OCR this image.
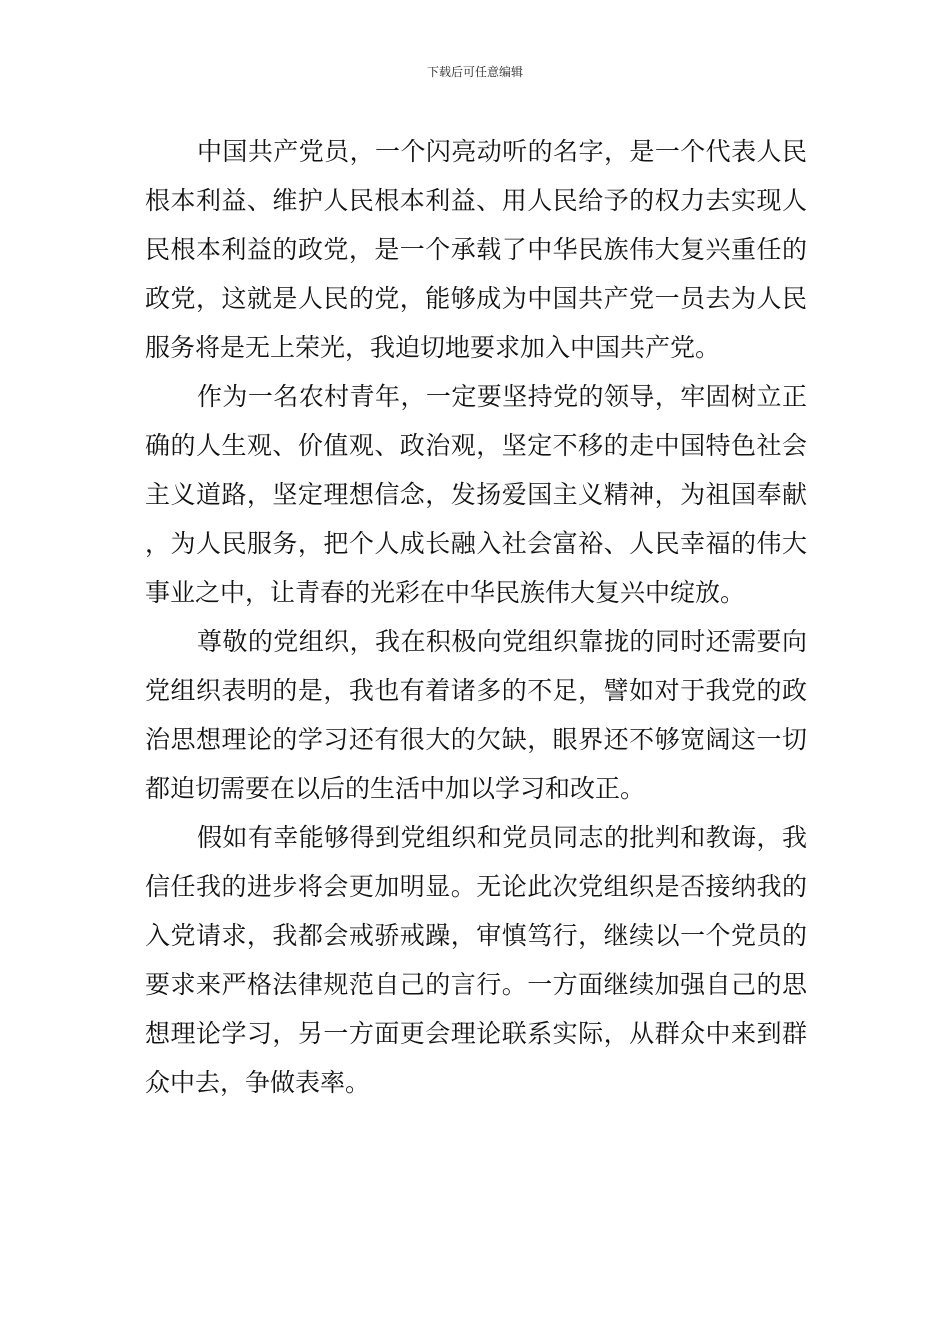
下载后可任意编辑

中国共产党员，一个闪亮动听的名字，是一个代表人民根本利益、维护人民根本利益、用人民给予的权力去实现人民根本利益的政党，是一个承载了中华民族伟大复兴重任的政党，这就是人民的党，能够成为中国共产党一员去为人民服务将是无上荣光，我迫切地要求加入中国共产党。

作为一名农村青年，一定要坚持党的领导，牢固树立正确的人生观、价值观、政治观，坚定不移的走中国特色社会主义道路，坚定理想信念，发扬爱国主义精神，为祖国奉献，为人民服务，把个人成长融入社会富裕、人民幸福的伟大事业之中，让青春的光彩在中华民族伟大复兴中绽放。

尊敬的党组织，我在积极向党组织靠拢的同时还需要向党组织表明的是，我也有着诸多的不足，譬如对于我党的政治思想理论的学习还有很大的欠缺，眼界还不够宽阔这一切都迫切需要在以后的生活中加以学习和改正。

假如有幸能够得到党组织和党员同志的批判和教诲，我信任我的进步将会更加明显。无论此次党组织是否接纳我的入党请求，我都会戒骄戒躁，审慎笃行，继续以一个党员的要求来严格法律规范自己的言行。一方面继续加强自己的思想理论学习，另一方面更会理论联系实际，从群众中来到群众中去，争做表率。
